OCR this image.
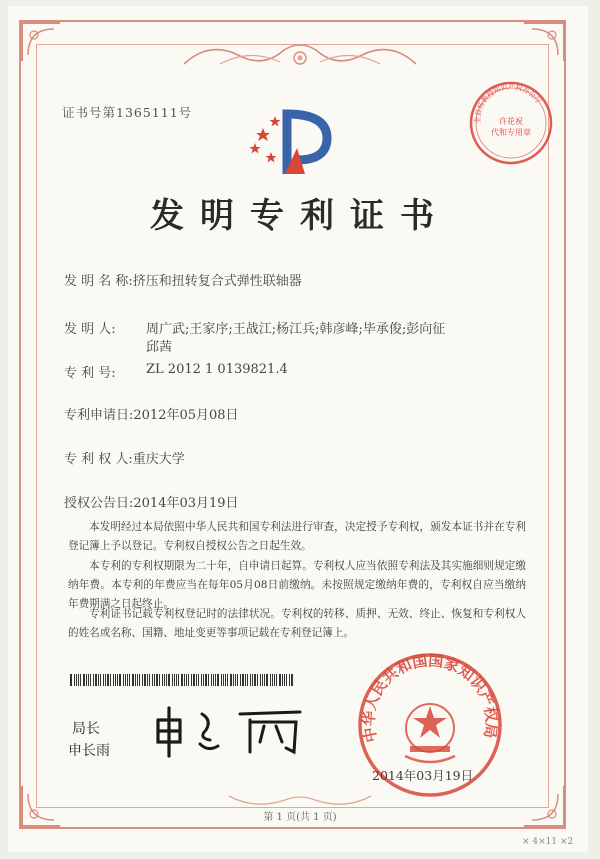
全县杨教授知识产权办公厅
许花祝
代和专用章
证书号第1365111号
发明专利证书
发 明 名 称:挤压和扭转复合式弹性联轴器
发 明 人: 周广武;王家序;王战江;杨江兵;韩彦峰;毕承俊;彭向征
邱茜
专 利 号: ZL 2012 1 0139821.4
专利申请日:2012年05月08日
专 利 权 人:重庆大学
授权公告日:2014年03月19日
本发明经过本局依照中华人民共和国专利法进行审查，决定授予专利权，颁发本证书并在专利登记簿上予以登记。专利权自授权公告之日起生效。
本专利的专利权期限为二十年，自申请日起算。专利权人应当依照专利法及其实施细则规定缴纳年费。本专利的年费应当在每年05月08日前缴纳。未按照规定缴纳年费的，专利权自应当缴纳年费期满之日起终止。
专利证书记载专利权登记时的法律状况。专利权的转移、质押、无效、终止、恢复和专利权人的姓名或名称、国籍、地址变更等事项记载在专利登记簿上。
局长
申长雨
中华人民共和国国家知识产权局
2014年03月19日
第 1 页(共 1 页)
× 4×11 ×2
